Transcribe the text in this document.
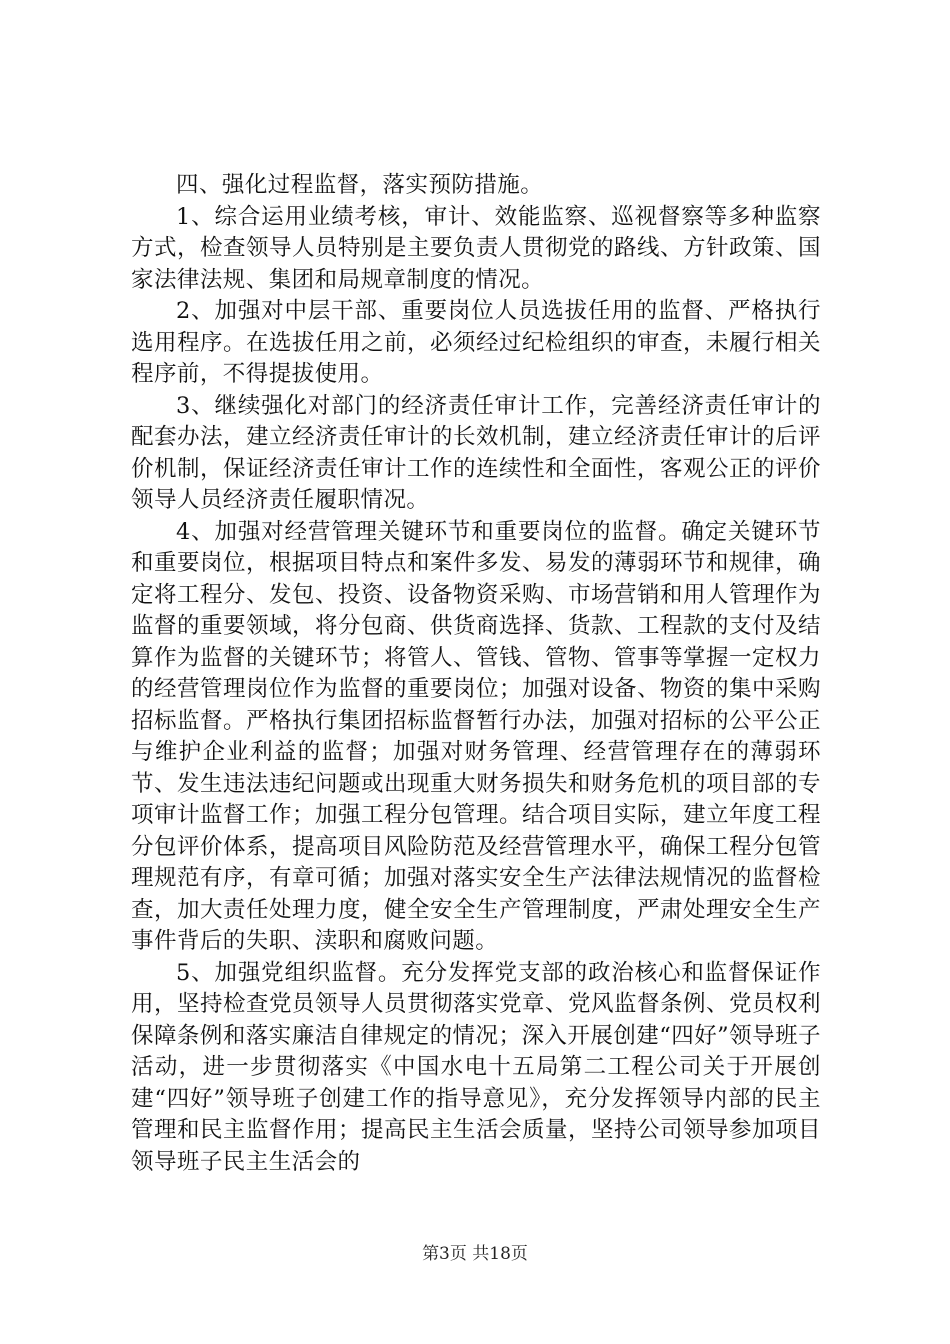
四、强化过程监督，落实预防措施。

1、综合运用业绩考核，审计、效能监察、巡视督察等多种监察方式，检查领导人员特别是主要负责人贯彻党的路线、方针政策、国家法律法规、集团和局规章制度的情况。

2、加强对中层干部、重要岗位人员选拔任用的监督、严格执行选用程序。在选拔任用之前，必须经过纪检组织的审查，未履行相关程序前，不得提拔使用。

3、继续强化对部门的经济责任审计工作，完善经济责任审计的配套办法，建立经济责任审计的长效机制，建立经济责任审计的后评价机制，保证经济责任审计工作的连续性和全面性，客观公正的评价领导人员经济责任履职情况。

4、加强对经营管理关键环节和重要岗位的监督。确定关键环节和重要岗位，根据项目特点和案件多发、易发的薄弱环节和规律，确定将工程分、发包、投资、设备物资采购、市场营销和用人管理作为监督的重要领域，将分包商、供货商选择、货款、工程款的支付及结算作为监督的关键环节；将管人、管钱、管物、管事等掌握一定权力的经营管理岗位作为监督的重要岗位；加强对设备、物资的集中采购招标监督。严格执行集团招标监督暂行办法，加强对招标的公平公正与维护企业利益的监督；加强对财务管理、经营管理存在的薄弱环节、发生违法违纪问题或出现重大财务损失和财务危机的项目部的专项审计监督工作；加强工程分包管理。结合项目实际，建立年度工程分包评价体系，提高项目风险防范及经营管理水平，确保工程分包管理规范有序，有章可循；加强对落实安全生产法律法规情况的监督检查，加大责任处理力度，健全安全生产管理制度，严肃处理安全生产事件背后的失职、渎职和腐败问题。

5、加强党组织监督。充分发挥党支部的政治核心和监督保证作用，坚持检查党员领导人员贯彻落实党章、党风监督条例、党员权利保障条例和落实廉洁自律规定的情况；深入开展创建“四好”领导班子活动，进一步贯彻落实《中国水电十五局第二工程公司关于开展创建“四好”领导班子创建工作的指导意见》，充分发挥领导内部的民主管理和民主监督作用；提高民主生活会质量，坚持公司领导参加项目领导班子民主生活会的

第3页 共18页
